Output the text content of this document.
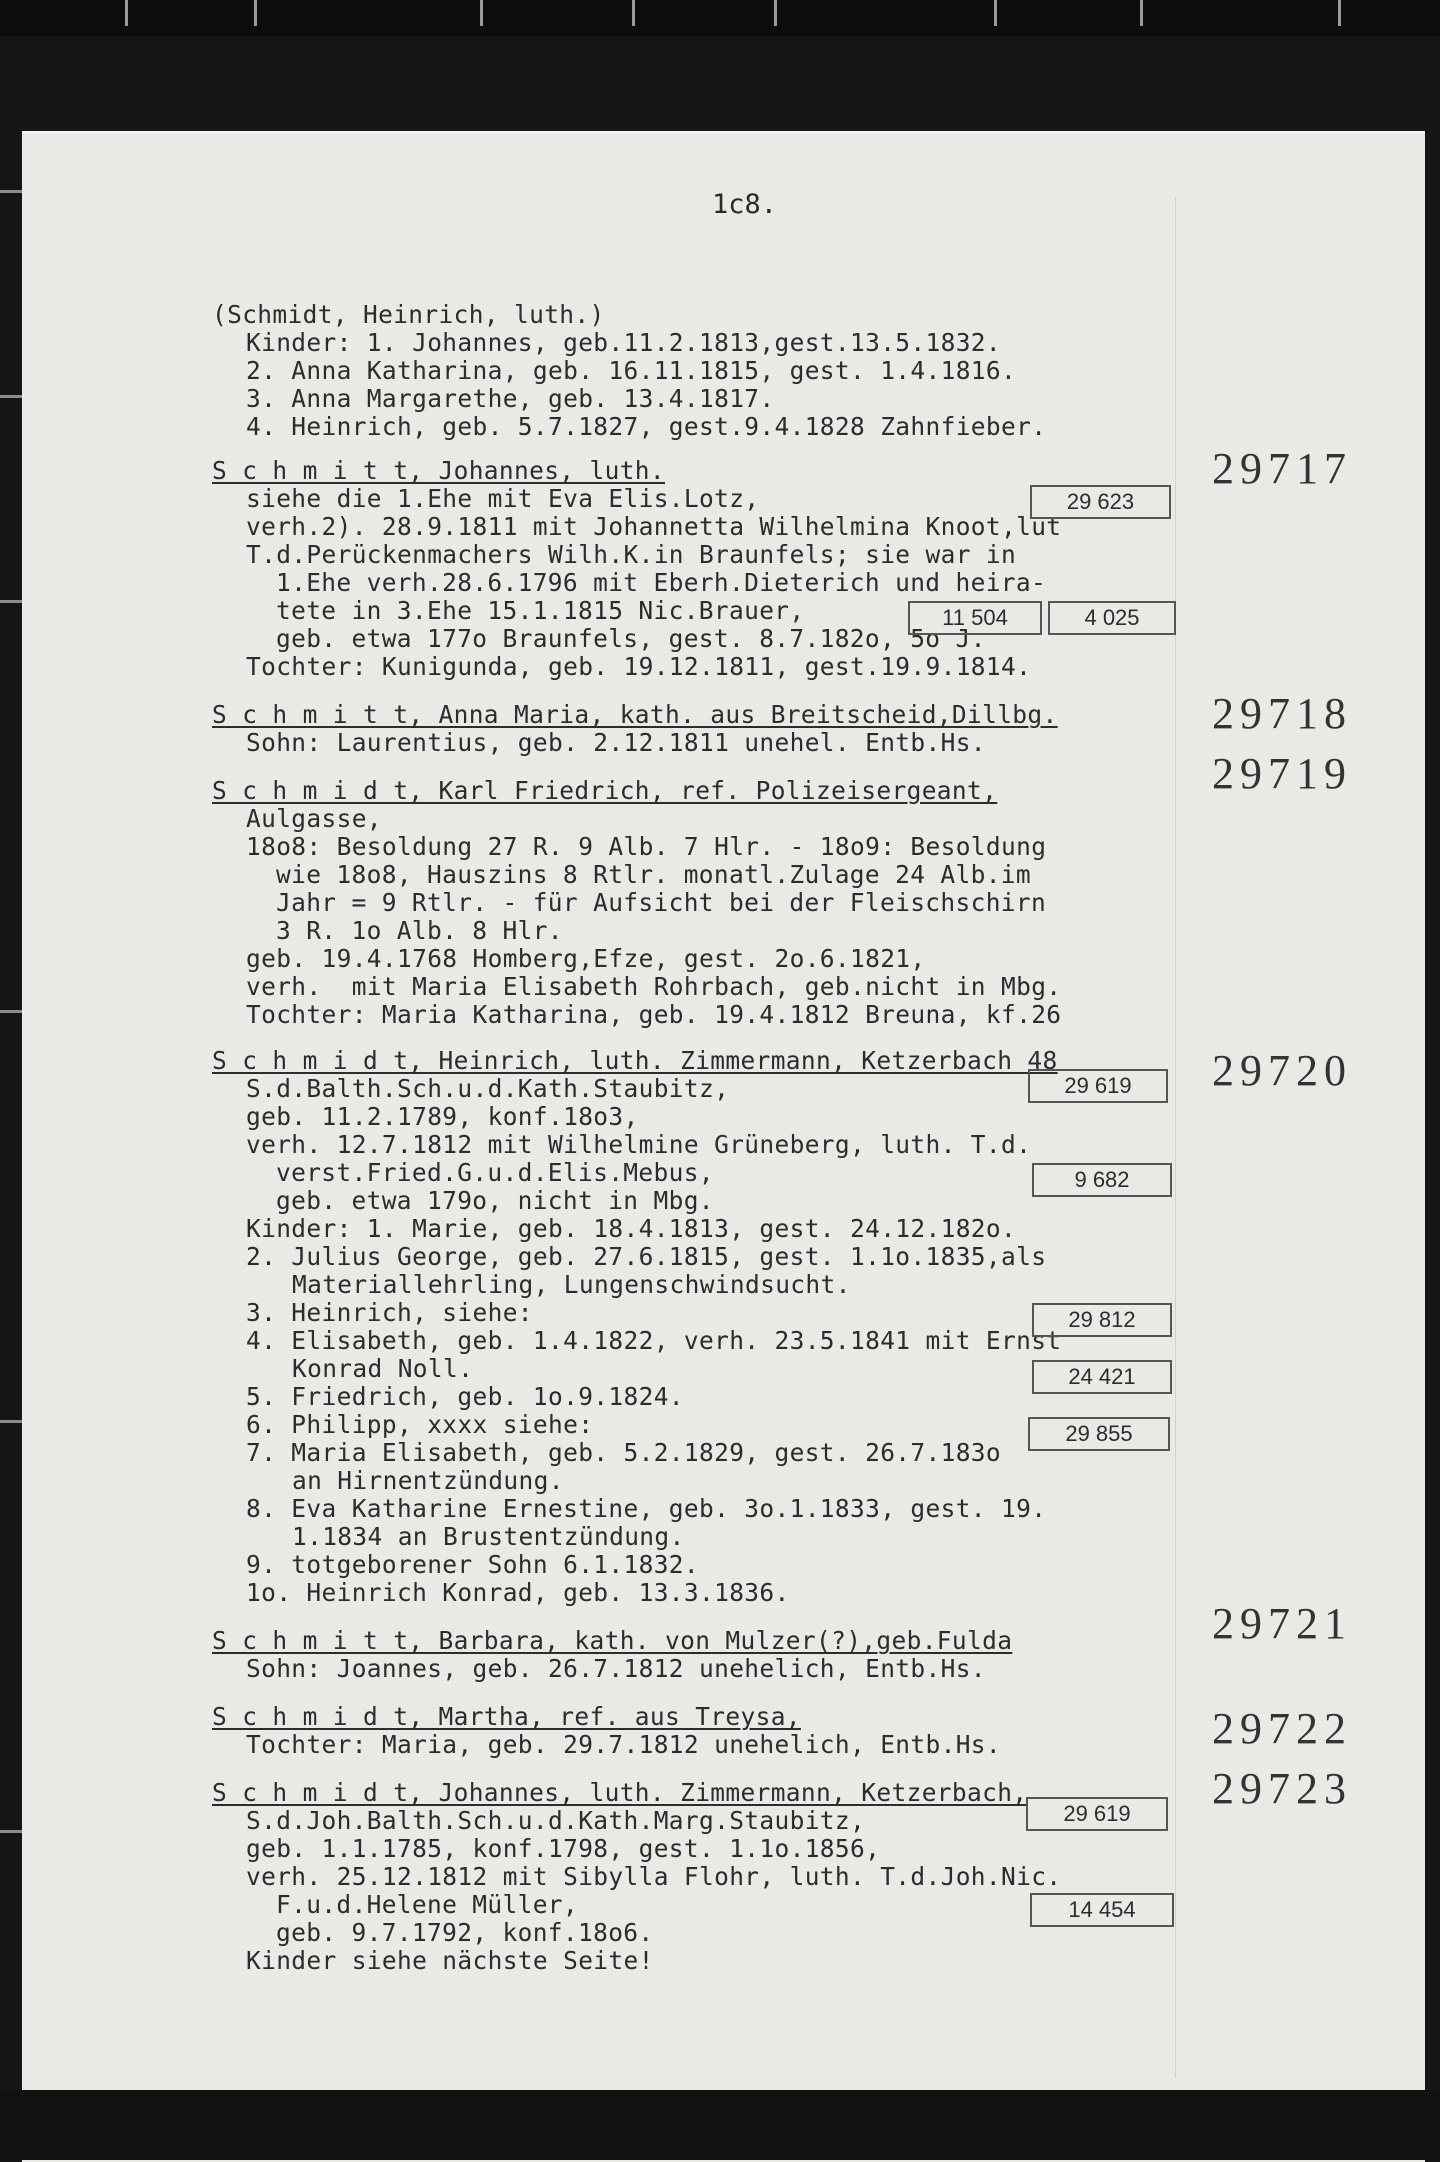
1c8.
(Schmidt, Heinrich, luth.)
Kinder: 1. Johannes, geb.11.2.1813,gest.13.5.1832.
2. Anna Katharina, geb. 16.11.1815, gest. 1.4.1816.
3. Anna Margarethe, geb. 13.4.1817.
4. Heinrich, geb. 5.7.1827, gest.9.4.1828 Zahnfieber.
S c h m i t t, Johannes, luth.
siehe die 1.Ehe mit Eva Elis.Lotz,
verh.2). 28.9.1811 mit Johannetta Wilhelmina Knoot,lut
T.d.Perückenmachers Wilh.K.in Braunfels; sie war in
1.Ehe verh.28.6.1796 mit Eberh.Dieterich und heira-
tete in 3.Ehe 15.1.1815 Nic.Brauer,
geb. etwa 177o Braunfels, gest. 8.7.182o, 5o J.
Tochter: Kunigunda, geb. 19.12.1811, gest.19.9.1814.
S c h m i t t, Anna Maria, kath. aus Breitscheid,Dillbg.
Sohn: Laurentius, geb. 2.12.1811 unehel. Entb.Hs.
S c h m i d t, Karl Friedrich, ref. Polizeisergeant,
Aulgasse,
18o8: Besoldung 27 R. 9 Alb. 7 Hlr. - 18o9: Besoldung
wie 18o8, Hauszins 8 Rtlr. monatl.Zulage 24 Alb.im
Jahr = 9 Rtlr. - für Aufsicht bei der Fleischschirn
3 R. 1o Alb. 8 Hlr.
geb. 19.4.1768 Homberg,Efze, gest. 2o.6.1821,
verh.  mit Maria Elisabeth Rohrbach, geb.nicht in Mbg.
Tochter: Maria Katharina, geb. 19.4.1812 Breuna, kf.26
S c h m i d t, Heinrich, luth. Zimmermann, Ketzerbach 48
S.d.Balth.Sch.u.d.Kath.Staubitz,
geb. 11.2.1789, konf.18o3,
verh. 12.7.1812 mit Wilhelmine Grüneberg, luth. T.d.
verst.Fried.G.u.d.Elis.Mebus,
geb. etwa 179o, nicht in Mbg.
Kinder: 1. Marie, geb. 18.4.1813, gest. 24.12.182o.
2. Julius George, geb. 27.6.1815, gest. 1.1o.1835,als
Materiallehrling, Lungenschwindsucht.
3. Heinrich, siehe:
4. Elisabeth, geb. 1.4.1822, verh. 23.5.1841 mit Ernst
Konrad Noll.
5. Friedrich, geb. 1o.9.1824.
6. Philipp, xxxx siehe:
7. Maria Elisabeth, geb. 5.2.1829, gest. 26.7.183o
an Hirnentzündung.
8. Eva Katharine Ernestine, geb. 3o.1.1833, gest. 19.
1.1834 an Brustentzündung.
9. totgeborener Sohn 6.1.1832.
1o. Heinrich Konrad, geb. 13.3.1836.
S c h m i t t, Barbara, kath. von Mulzer(?),geb.Fulda
Sohn: Joannes, geb. 26.7.1812 unehelich, Entb.Hs.
S c h m i d t, Martha, ref. aus Treysa,
Tochter: Maria, geb. 29.7.1812 unehelich, Entb.Hs.
S c h m i d t, Johannes, luth. Zimmermann, Ketzerbach,
S.d.Joh.Balth.Sch.u.d.Kath.Marg.Staubitz,
geb. 1.1.1785, konf.1798, gest. 1.1o.1856,
verh. 25.12.1812 mit Sibylla Flohr, luth. T.d.Joh.Nic.
F.u.d.Helene Müller,
geb. 9.7.1792, konf.18o6.
Kinder siehe nächste Seite!
29 623
11 504	4 025
29 619
9 682
29 812
24 421
29 855
29 619
14 454
29717
29718
29719
29720
29721
29722
29723
